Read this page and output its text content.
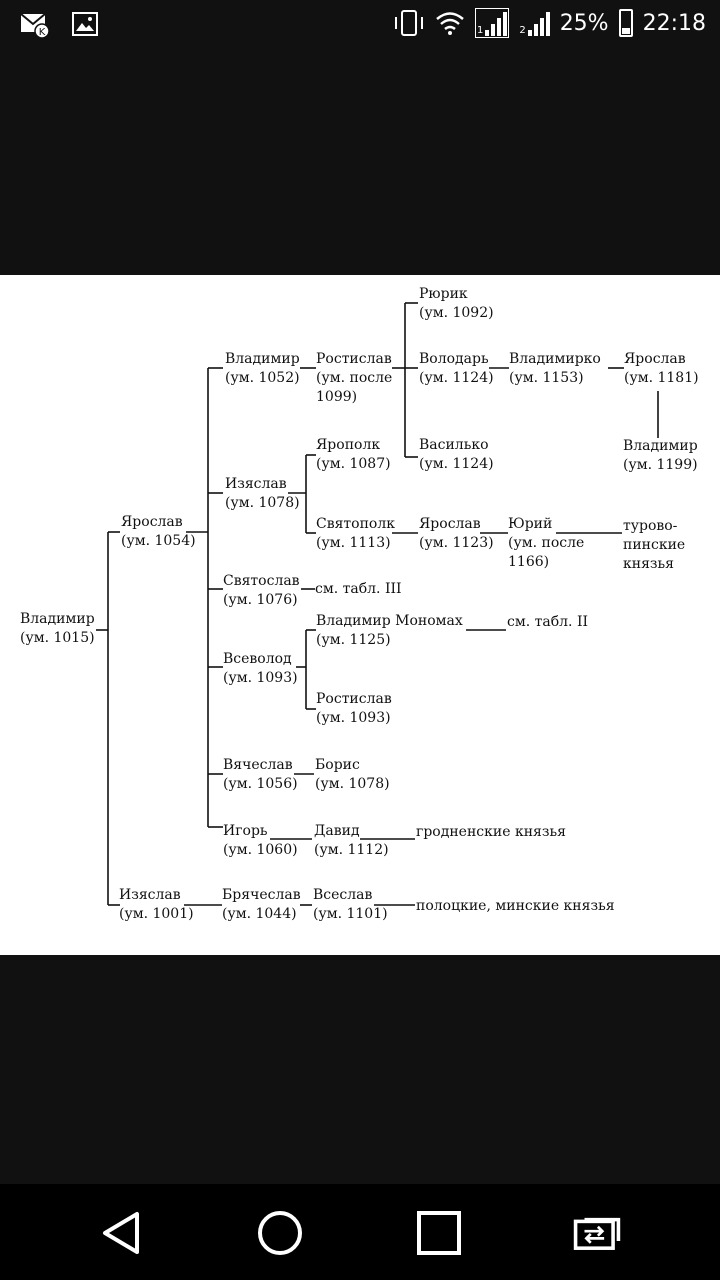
K	1	2 25% 22:18
Владимир
(ум. 1015)
Ярослав
(ум. 1054)
Изяслав
(ум. 1001)
Владимир
(ум. 1052)
Изяслав
(ум. 1078)
Святослав
(ум. 1076)
Всеволод
(ум. 1093)
Вячеслав
(ум. 1056)
Игорь
(ум. 1060)
Брячеслав
(ум. 1044)
Ростислав
(ум. после
1099)
Ярополк
(ум. 1087)
Святополк
(ум. 1113)
см. табл. III
Владимир Мономах
(ум. 1125)
Ростислав
(ум. 1093)
Борис
(ум. 1078)
Давид
(ум. 1112)
Всеслав
(ум. 1101)
Рюрик
(ум. 1092)
Володарь
(ум. 1124)
Василько
(ум. 1124)
Ярослав
(ум. 1123)
см. табл. II
гродненские князья
полоцкие, минские князья
Владимирко
(ум. 1153)
Юрий
(ум. после
1166)
Ярослав
(ум. 1181)
Владимир
(ум. 1199)
турово-
пинские
князья
